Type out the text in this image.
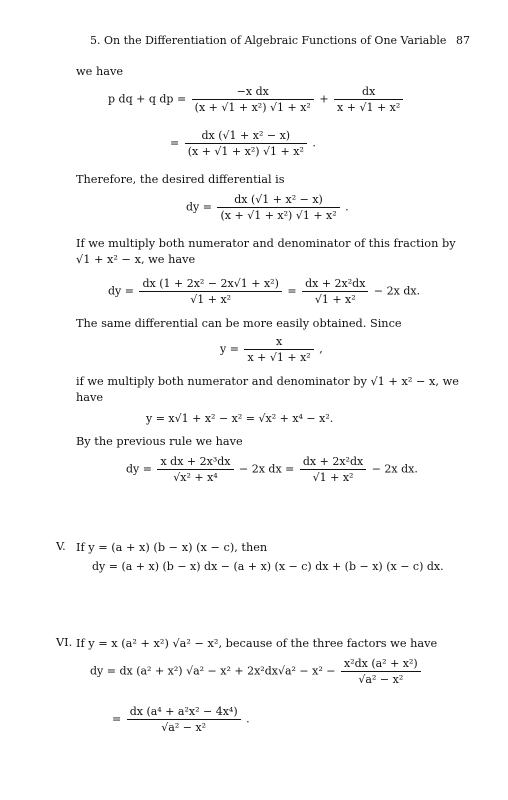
5. On the Differentiation of Algebraic Functions of One Variable 87
we have
p dq + q dp = $\frac{\text{−x dx}}{\text{(x + √1 + x²) √1 + x²}} + \frac{dx}{\text{x + √1 + x²}}$
= $\frac{\text{dx (√1 + x² − x)}}{\text{(x + √1 + x²) √1 + x²}}$ .
Therefore, the desired differential is
dy = $\frac{\text{dx (√1 + x² − x)}}{\text{(x + √1 + x²) √1 + x²}}$ .
If we multiply both numerator and denominator of this fraction by
√1 + x² − x, we have
dy = $\frac{\text{dx (1 + 2x² − 2x√1 + x²)}}{\text{√1 + x²}} = \frac{\text{dx + 2x²dx}}{\text{√1 + x²}} - 2x$ dx.
The same differential can be more easily obtained. Since
$y = \frac{x}{\text{x + √1 + x²}}$ ,
if we multiply both numerator and denominator by √1 + x² − x, we
have
y = x√1 + x² − x² = √x² + x⁴ − x².
By the previous rule we have
dy = $\frac{\text{x dx + 2x³dx}}{\text{√x² + x⁴}} - 2x$ dx = $\frac{\text{dx + 2x²dx}}{\text{√1 + x²}} - 2x$ dx.
V. If y = (a + x) (b − x) (x − c), then
dy = (a + x) (b − x) dx − (a + x) (x − c) dx + (b − x) (x − c) dx.
VI. If y = x (a² + x²) √a² − x², because of the three factors we have
dy = dx (a² + x²) $√a^2 - x^2 + 2x^2dx√a^2 - x^2 - \frac{\text{x²dx (a² + x²)}}{\text{√a² − x²}}$
= $\frac{\text{dx (a⁴ + a²x² − 4x⁴)}}{\text{√a² − x²}}$ .
